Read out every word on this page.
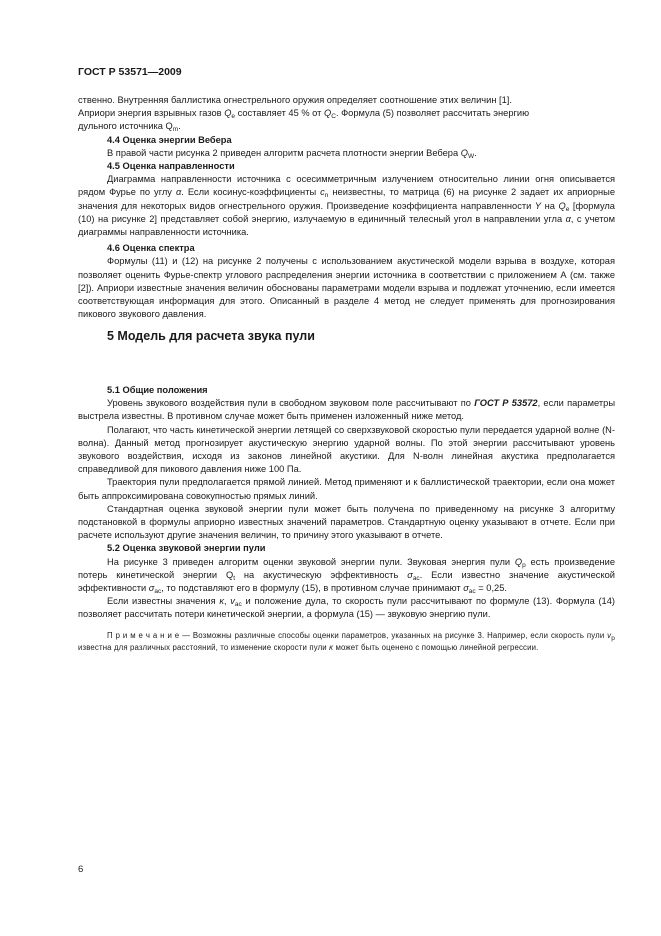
ГОСТ Р 53571—2009

ственно. Внутренняя баллистика огнестрельного оружия определяет соотношение этих величин [1].

Априори энергия взрывных газов $Q_e$ составляет 45 % от $Q_C$. Формула (5) позволяет рассчитать энергию

дульного источника $Q_m$.

4.4 Оценка энергии Вебера

В правой части рисунка 2 приведен алгоритм расчета плотности энергии Вебера $Q_W$.

4.5 Оценка направленности

Диаграмма направленности источника с осесимметричным излучением относительно линии огня описывается рядом Фурье по углу α. Если косинус-коэффициенты $c_n$ неизвестны, то матрица (6) на рисунке 2 задает их априорные значения для некоторых видов огнестрельного оружия. Произведение коэффициента направленности Y на $Q_e$ [формула (10) на рисунке 2] представляет собой энергию, излучаемую в единичный телесный угол в направлении угла α, с учетом диаграммы направленности источника.

4.6 Оценка спектра

Формулы (11) и (12) на рисунке 2 получены с использованием акустической модели взрыва в воздухе, которая позволяет оценить Фурье-спектр углового распределения энергии источника в соответствии с приложением А (см. также [2]). Априори известные значения величин обоснованы параметрами модели взрыва и подлежат уточнению, если имеется соответствующая информация для этого. Описанный в разделе 4 метод не следует применять для прогнозирования пикового звукового давления.

5 Модель для расчета звука пули

5.1 Общие положения

Уровень звукового воздействия пули в свободном звуковом поле рассчитывают по ГОСТ Р 53572, если параметры выстрела известны. В противном случае может быть применен изложенный ниже метод.

Полагают, что часть кинетической энергии летящей со сверхзвуковой скоростью пули передается ударной волне (N-волна). Данный метод прогнозирует акустическую энергию ударной волны. По этой энергии рассчитывают уровень звукового воздействия, исходя из законов линейной акустики. Для N-волн линейная акустика предполагается справедливой для пикового давления ниже 100 Па.

Траектория пули предполагается прямой линией. Метод применяют и к баллистической траектории, если она может быть аппроксимирована совокупностью прямых линий.

Стандартная оценка звуковой энергии пули может быть получена по приведенному на рисунке 3 алгоритму подстановкой в формулы априорно известных значений параметров. Стандартную оценку указывают в отчете. Если при расчете используют другие значения величин, то причину этого указывают в отчете.

5.2 Оценка звуковой энергии пули

На рисунке 3 приведен алгоритм оценки звуковой энергии пули. Звуковая энергия пули $Q_p$ есть произведение потерь кинетической энергии $Q_t$ на акустическую эффективность $\sigma_{ac}$. Если известно значение акустической эффективности $\sigma_{ac}$, то подставляют его в формулу (15), в противном случае принимают $\sigma_{ac} = 0,25$.

Если известны значения κ, $v_{ac}$ и положение дула, то скорость пули рассчитывают по формуле (13). Формула (14) позволяет рассчитать потери кинетической энергии, а формула (15) — звуковую энергию пули.

П р и м е ч а н и е — Возможны различные способы оценки параметров, указанных на рисунке 3. Например, если скорость пули $v_p$ известна для различных расстояний, то изменение скорости пули κ может быть оценено с помощью линейной регрессии.

6
